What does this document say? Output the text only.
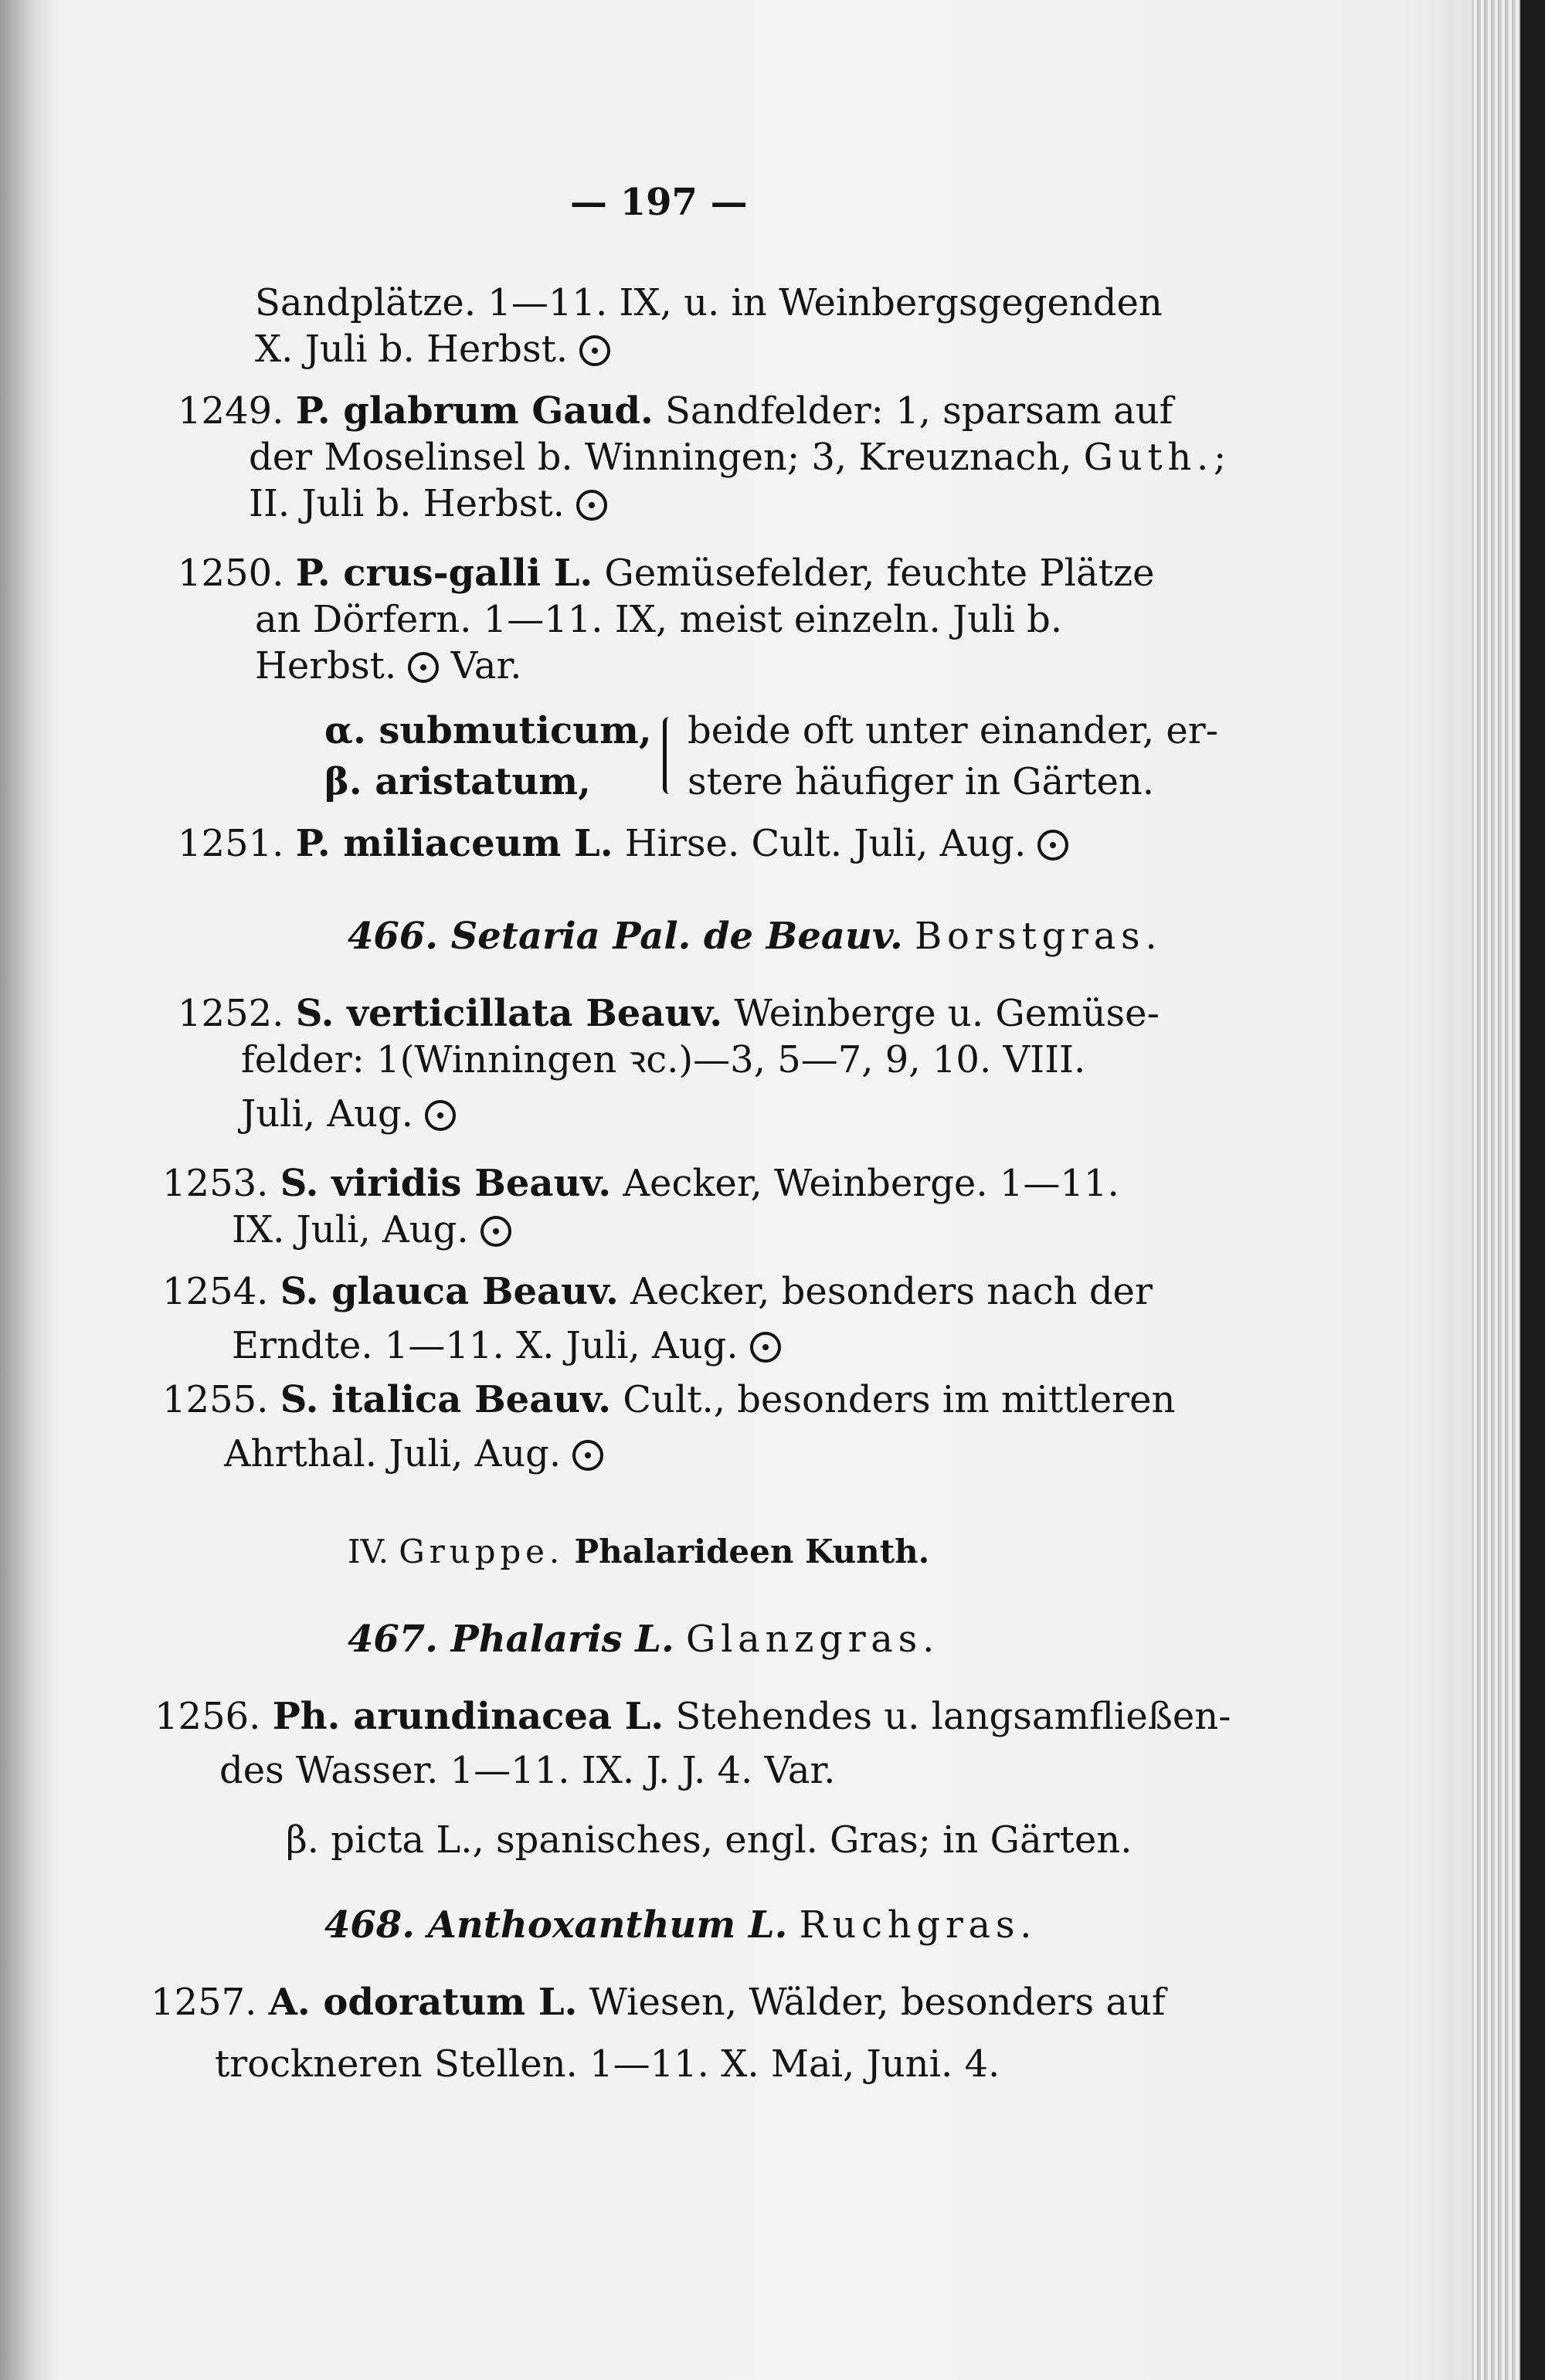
— 197 —
Sandplätze. 1—11. IX, u. in Weinbergsgegenden
X. Juli b. Herbst.
1249. P. glabrum Gaud. Sandfelder: 1, sparsam auf
der Moselinsel b. Winningen; 3, Kreuznach, Guth.;
II. Juli b. Herbst.
1250. P. crus-galli L. Gemüsefelder, feuchte Plätze
an Dörfern. 1—11. IX, meist einzeln. Juli b.
Herbst. Var.
α. submuticum,
β. aristatum,
beide oft unter einander, er-
stere häufiger in Gärten.
1251. P. miliaceum L. Hirse. Cult. Juli, Aug.
466. Setaria Pal. de Beauv. Borstgras.
1252. S. verticillata Beauv. Weinberge u. Gemüse-
felder: 1(Winningen ꝛc.)—3, 5—7, 9, 10. VIII.
Juli, Aug.
1253. S. viridis Beauv. Aecker, Weinberge. 1—11.
IX. Juli, Aug.
1254. S. glauca Beauv. Aecker, besonders nach der
Erndte. 1—11. X. Juli, Aug.
1255. S. italica Beauv. Cult., besonders im mittleren
Ahrthal. Juli, Aug.
IV. Gruppe. Phalarideen Kunth.
467. Phalaris L. Glanzgras.
1256. Ph. arundinacea L. Stehendes u. langsamfließen-
des Wasser. 1—11. IX. J. J. 4. Var.
β. picta L., spanisches, engl. Gras; in Gärten.
468. Anthoxanthum L. Ruchgras.
1257. A. odoratum L. Wiesen, Wälder, besonders auf
trockneren Stellen. 1—11. X. Mai, Juni. 4.
